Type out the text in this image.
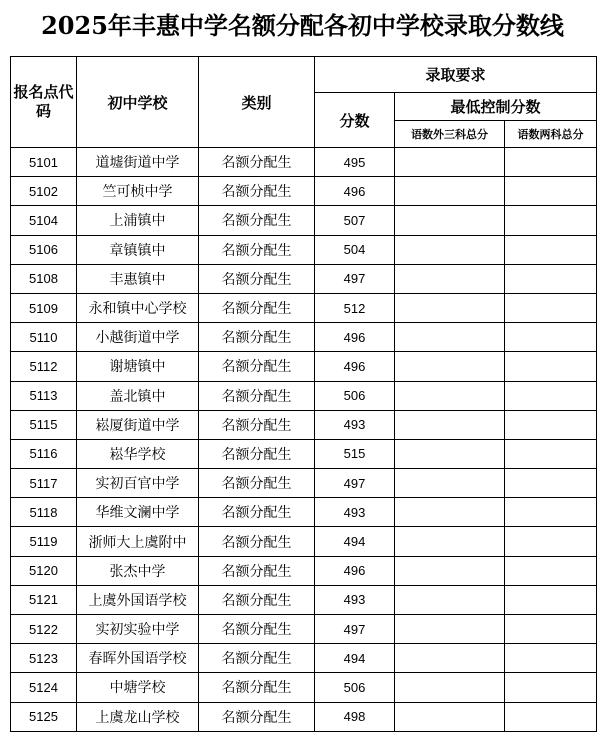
2025年丰惠中学名额分配各初中学校录取分数线
报名点代码	初中学校	类别	录取要求		
			分数	最低控制分数	
				语数外三科总分	语数两科总分
5101	道墟街道中学	名额分配生	495		
5102	竺可桢中学	名额分配生	496		
5104	上浦镇中	名额分配生	507		
5106	章镇镇中	名额分配生	504		
5108	丰惠镇中	名额分配生	497		
5109	永和镇中心学校	名额分配生	512		
5110	小越街道中学	名额分配生	496		
5112	谢塘镇中	名额分配生	496		
5113	盖北镇中	名额分配生	506		
5115	崧厦街道中学	名额分配生	493		
5116	崧华学校	名额分配生	515		
5117	实初百官中学	名额分配生	497		
5118	华维文澜中学	名额分配生	493		
5119	浙师大上虞附中	名额分配生	494		
5120	张杰中学	名额分配生	496		
5121	上虞外国语学校	名额分配生	493		
5122	实初实验中学	名额分配生	497		
5123	春晖外国语学校	名额分配生	494		
5124	中塘学校	名额分配生	506		
5125	上虞龙山学校	名额分配生	498		
